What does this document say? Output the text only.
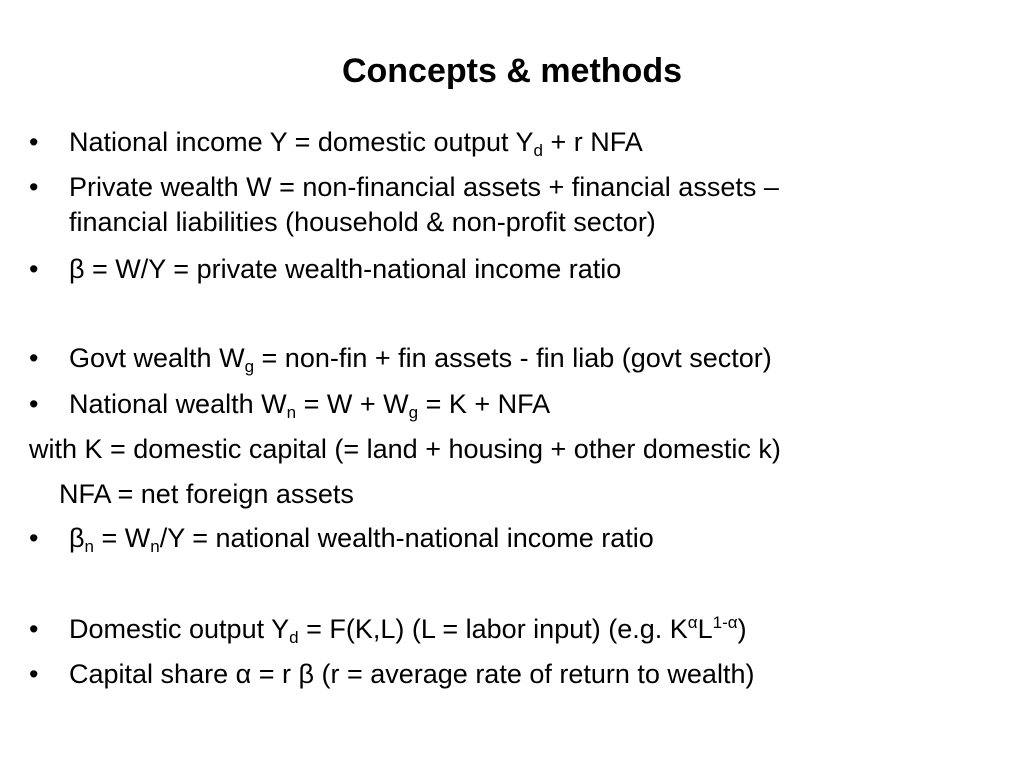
Concepts & methods
• National income Y = domestic output $Y_d + r$ NFA
• Private wealth W = non-financial assets + financial assets –
financial liabilities (household & non-profit sector)
• β = W/Y = private wealth-national income ratio
• Govt wealth $W_g = non-fin$ + fin assets - fin liab (govt sector)
• National wealth $W_n = W + W_g = K$ + NFA
with K = domestic capital (= land + housing + other domestic k)
NFA = net foreign assets
• $\beta_n = W_n/Y$ = national wealth-national income ratio
• Domestic output $Y_d = F(K,L) (L$ = labor input) (e.g. $K^\alpha L^{1-\alpha}$)
• Capital share α = r β (r = average rate of return to wealth)
